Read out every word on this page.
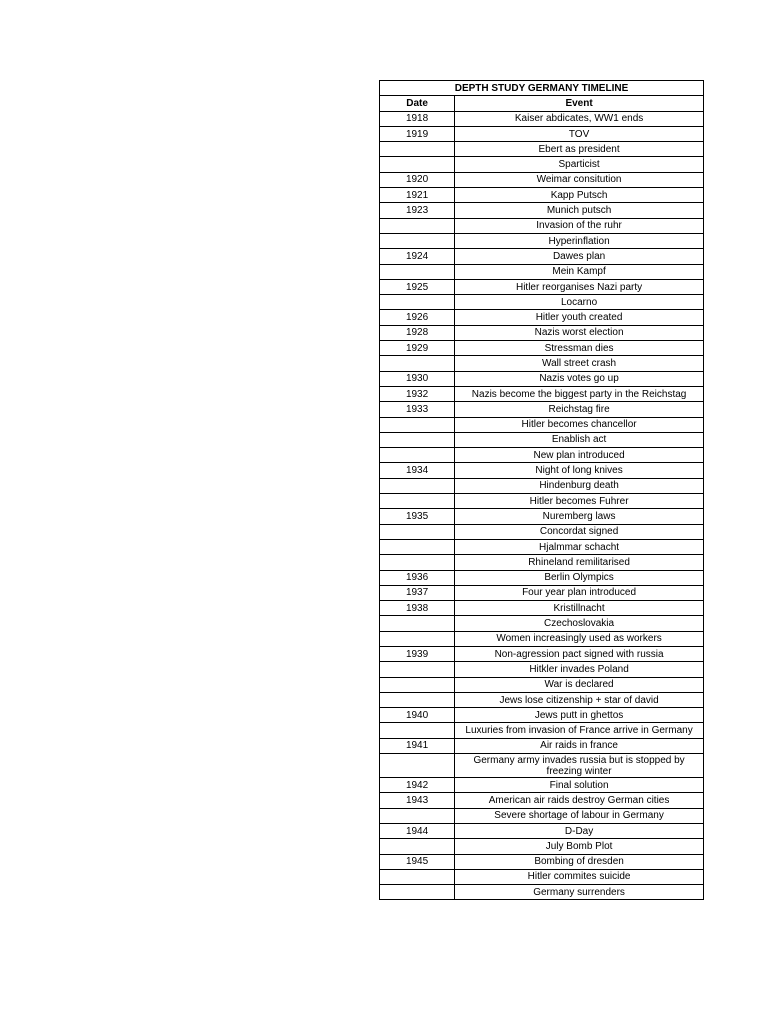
DEPTH STUDY GERMANY TIMELINE	
Date	Event
1918	Kaiser abdicates, WW1 ends
1919	TOV
	Ebert as president
	Sparticist
1920	Weimar consitution
1921	Kapp Putsch
1923	Munich putsch
	Invasion of the ruhr
	Hyperinflation
1924	Dawes plan
	Mein Kampf
1925	Hitler reorganises Nazi party
	Locarno
1926	Hitler youth created
1928	Nazis worst election
1929	Stressman dies
	Wall street crash
1930	Nazis votes go up
1932	Nazis become the biggest party in the Reichstag
1933	Reichstag fire
	Hitler becomes chancellor
	Enablish act
	New plan introduced
1934	Night of long knives
	Hindenburg death
	Hitler becomes Fuhrer
1935	Nuremberg laws
	Concordat signed
	Hjalmmar schacht
	Rhineland remilitarised
1936	Berlin Olympics
1937	Four year plan introduced
1938	Kristillnacht
	Czechoslovakia
	Women increasingly used as workers
1939	Non-agression pact signed with russia
	Hitkler invades Poland
	War is declared
	Jews lose citizenship + star of david
1940	Jews putt in ghettos
	Luxuries from invasion of France arrive in Germany
1941	Air raids in france
	Germany army invades russia but is stopped by freezing winter
1942	Final solution
1943	American air raids destroy German cities
	Severe shortage of labour in Germany
1944	D-Day
	July Bomb Plot
1945	Bombing of dresden
	Hitler commites suicide
	Germany surrenders
